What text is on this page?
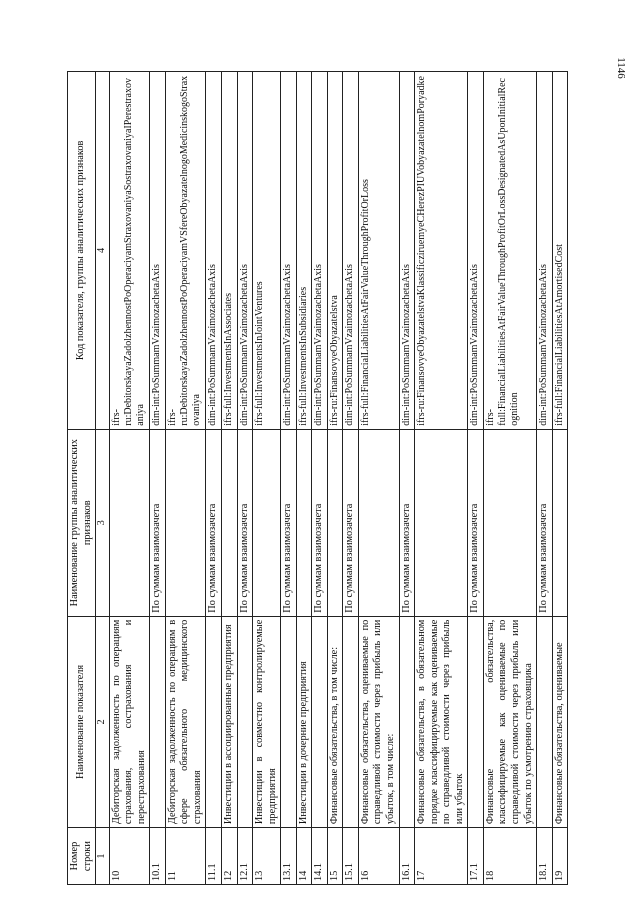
1146
Номер строки	Наименование показателя	Наименование группы аналитических признаков	Код показателя, группы аналитических признаков
1	2	3	4
10	Дебиторская задолженность по операциям страхования, сострахования и перестрахования		ifrs-ru:DebitorskayaZadolzhennostPoOperaciyamStraxovaniyaSostraxovaniyaIPerestraxovaniya
10.1		По суммам взаимозачета	dim-int:PoSummamVzaimozachetaAxis
11	Дебиторская задолженность по операциям в сфере обязательного медицинского страхования		ifrs-ru:DebitorskayaZadolzhennostPoOperaciyamVSfereObyazatelnogoMedicinskogoStraxovaniya
11.1		По суммам взаимозачета	dim-int:PoSummamVzaimozachetaAxis
12	Инвестиции в ассоциированные предприятия		ifrs-full:InvestmentsInAssociates
12.1		По суммам взаимозачета	dim-int:PoSummamVzaimozachetaAxis
13	Инвестиции в совместно контролируемые предприятия		ifrs-full:InvestmentsInJointVentures
13.1		По суммам взаимозачета	dim-int:PoSummamVzaimozachetaAxis
14	Инвестиции в дочерние предприятия		ifrs-full:InvestmentsInSubsidiaries
14.1		По суммам взаимозачета	dim-int:PoSummamVzaimozachetaAxis
15	Финансовые обязательства, в том числе:		ifrs-ru:FinansovyeObyazatelstva
15.1		По суммам взаимозачета	dim-int:PoSummamVzaimozachetaAxis
16	Финансовые обязательства, оцениваемые по справедливой стоимости через прибыль или убыток, в том числе:		ifrs-full:FinancialLiabilitiesAtFairValueThroughProfitOrLoss
16.1		По суммам взаимозачета	dim-int:PoSummamVzaimozachetaAxis
17	Финансовые обязательства, в обязательном порядке классифицируемые как оцениваемые по справедливой стоимости через прибыль или убыток		ifrs-ru:FinansovyeObyazatelstvaKlassificziruemyeCHerezPIUVobyazatelnomPoryadke
17.1		По суммам взаимозачета	dim-int:PoSummamVzaimozachetaAxis
18	Финансовые обязательства, классифицируемые как оцениваемые по справедливой стоимости через прибыль или убыток по усмотрению страховщика		ifrs-full:FinancialLiabilitiesAtFairValueThroughProfitOrLossDesignatedAsUponInitialRecognition
18.1		По суммам взаимозачета	dim-int:PoSummamVzaimozachetaAxis
19	Финансовые обязательства, оцениваемые		ifrs-full:FinancialLiabilitiesAtAmortisedCost
